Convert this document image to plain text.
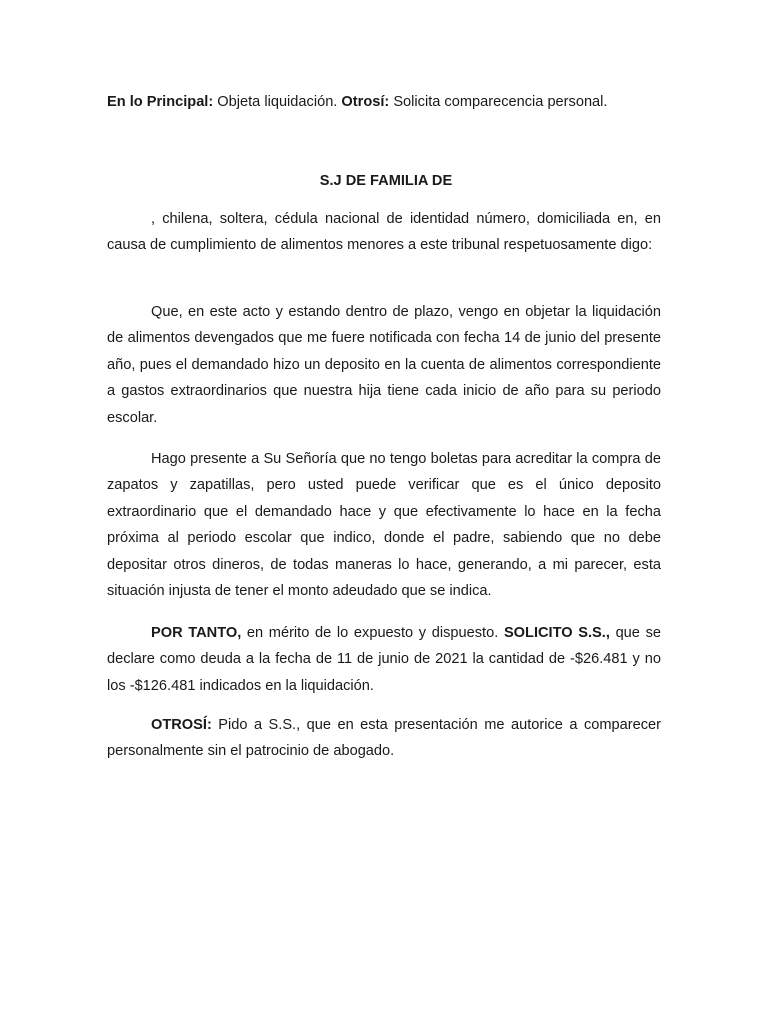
En lo Principal: Objeta liquidación. Otrosí: Solicita comparecencia personal.
S.J DE FAMILIA DE

, chilena, soltera, cédula nacional de identidad número, domiciliada en, en causa de cumplimiento de alimentos menores a este tribunal respetuosamente digo:

Que, en este acto y estando dentro de plazo, vengo en objetar la liquidación de alimentos devengados que me fuere notificada con fecha 14 de junio del presente año, pues el demandado hizo un deposito en la cuenta de alimentos correspondiente a gastos extraordinarios que nuestra hija tiene cada inicio de año para su periodo escolar.

Hago presente a Su Señoría que no tengo boletas para acreditar la compra de zapatos y zapatillas, pero usted puede verificar que es el único deposito extraordinario que el demandado hace y que efectivamente lo hace en la fecha próxima al periodo escolar que indico, donde el padre, sabiendo que no debe depositar otros dineros, de todas maneras lo hace, generando, a mi parecer, esta situación injusta de tener el monto adeudado que se indica.

POR TANTO, en mérito de lo expuesto y dispuesto. SOLICITO S.S., que se declare como deuda a la fecha de 11 de junio de 2021 la cantidad de -$26.481 y no los -$126.481 indicados en la liquidación.

OTROSÍ: Pido a S.S., que en esta presentación me autorice a comparecer personalmente sin el patrocinio de abogado.
